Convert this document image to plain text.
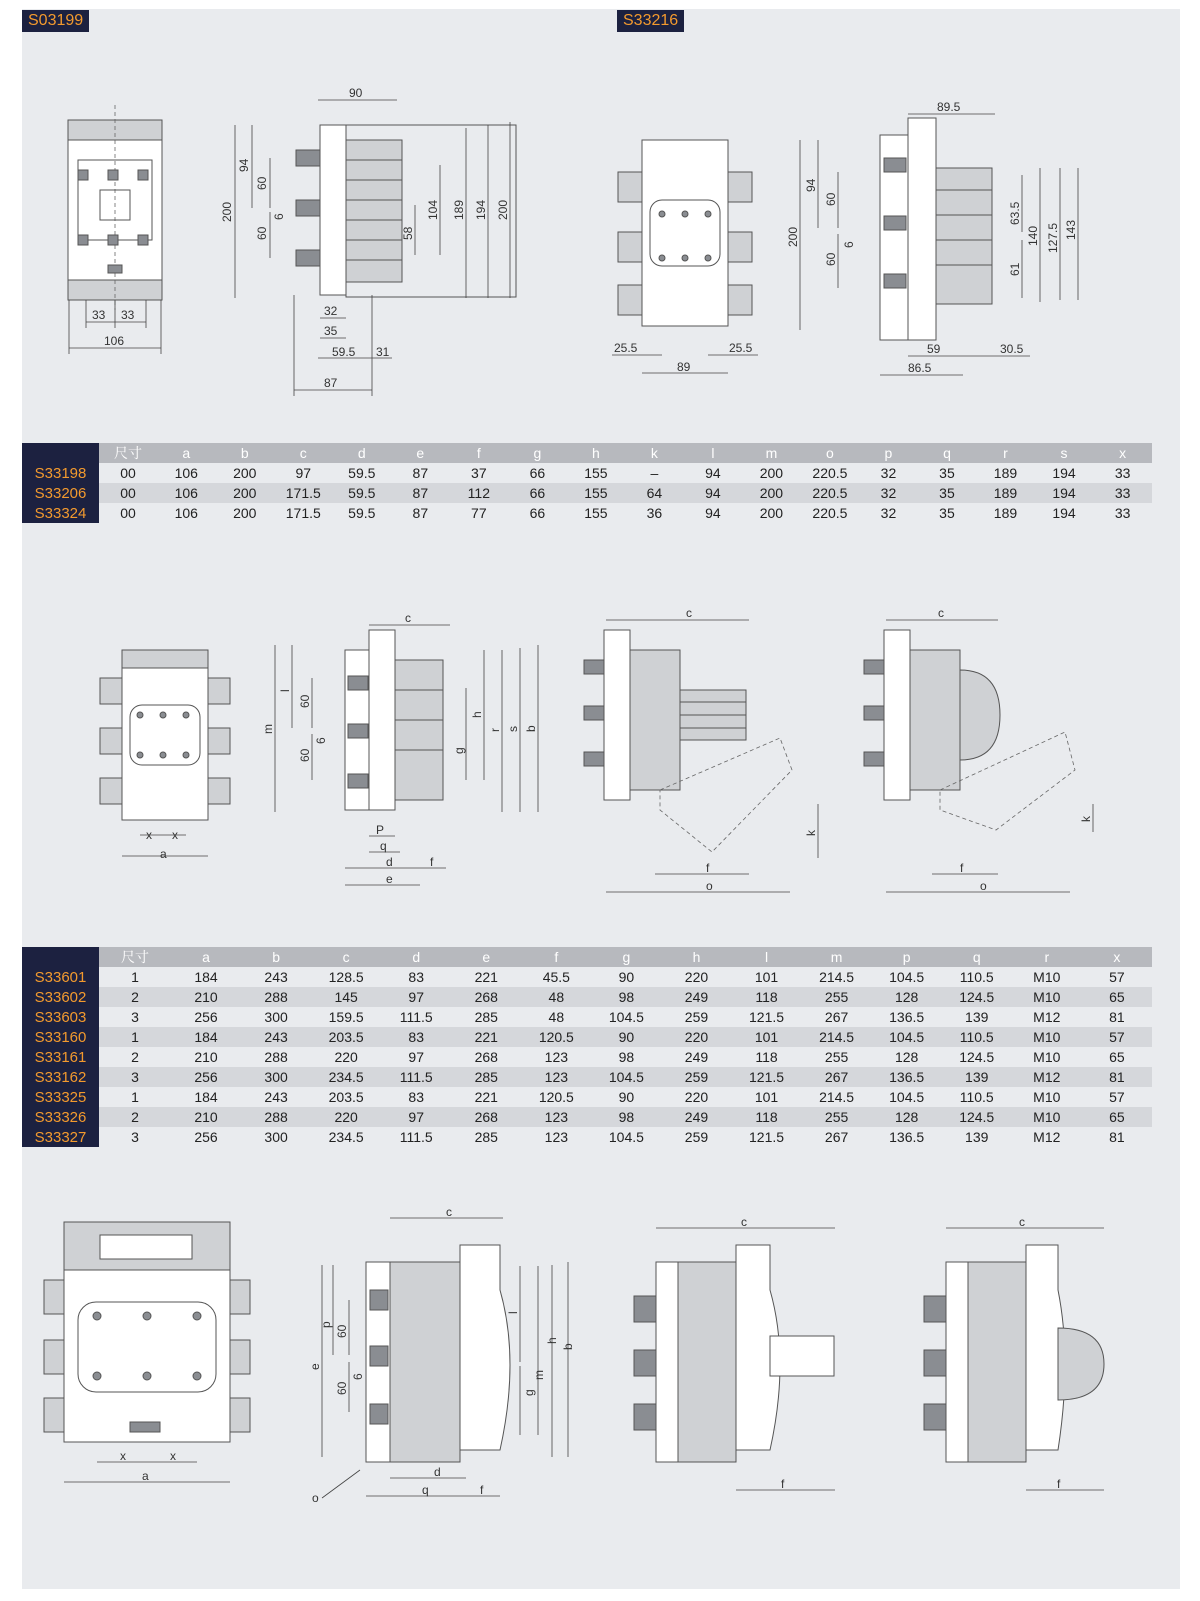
S03199	S33216
33 33
106
90
200
94
60
6
60
104
58
189 194 200
32
35
59.5 31
87
25.5	25.5
89
89.5
200
94
60
6
60
63.5
61
140 127.5 143
59	30.5
86.5
	尺寸	a	b	c	d	e	f	g	h	k	l	m	o	p	q	r	s	x
S33198	00	106	200	97	59.5	87	37	66	155	–	94	200	220.5	32	35	189	194	33
S33206	00	106	200	171.5	59.5	87	112	66	155	64	94	200	220.5	32	35	189	194	33
S33324	00	106	200	171.5	59.5	87	77	66	155	36	94	200	220.5	32	35	189	194	33
x x
a
c
m
l
60
6
60	g
h
r s b
P
q
d	f
e
c
k
f
o
c
k
f
o
	尺寸	a	b	c	d	e	f	g	h	l	m	p	q	r	x
S33601	1	184	243	128.5	83	221	45.5	90	220	101	214.5	104.5	110.5	M10	57
S33602	2	210	288	145	97	268	48	98	249	118	255	128	124.5	M10	65
S33603	3	256	300	159.5	111.5	285	48	104.5	259	121.5	267	136.5	139	M12	81
S33160	1	184	243	203.5	83	221	120.5	90	220	101	214.5	104.5	110.5	M10	57
S33161	2	210	288	220	97	268	123	98	249	118	255	128	124.5	M10	65
S33162	3	256	300	234.5	111.5	285	123	104.5	259	121.5	267	136.5	139	M12	81
S33325	1	184	243	203.5	83	221	120.5	90	220	101	214.5	104.5	110.5	M10	57
S33326	2	210	288	220	97	268	123	98	249	118	255	128	124.5	M10	65
S33327	3	256	300	234.5	111.5	285	123	104.5	259	121.5	267	136.5	139	M12	81
x	x
a
c
e
p 60
6
60
l
g
m
h
b
d
q	f
o
c
f
c
f
